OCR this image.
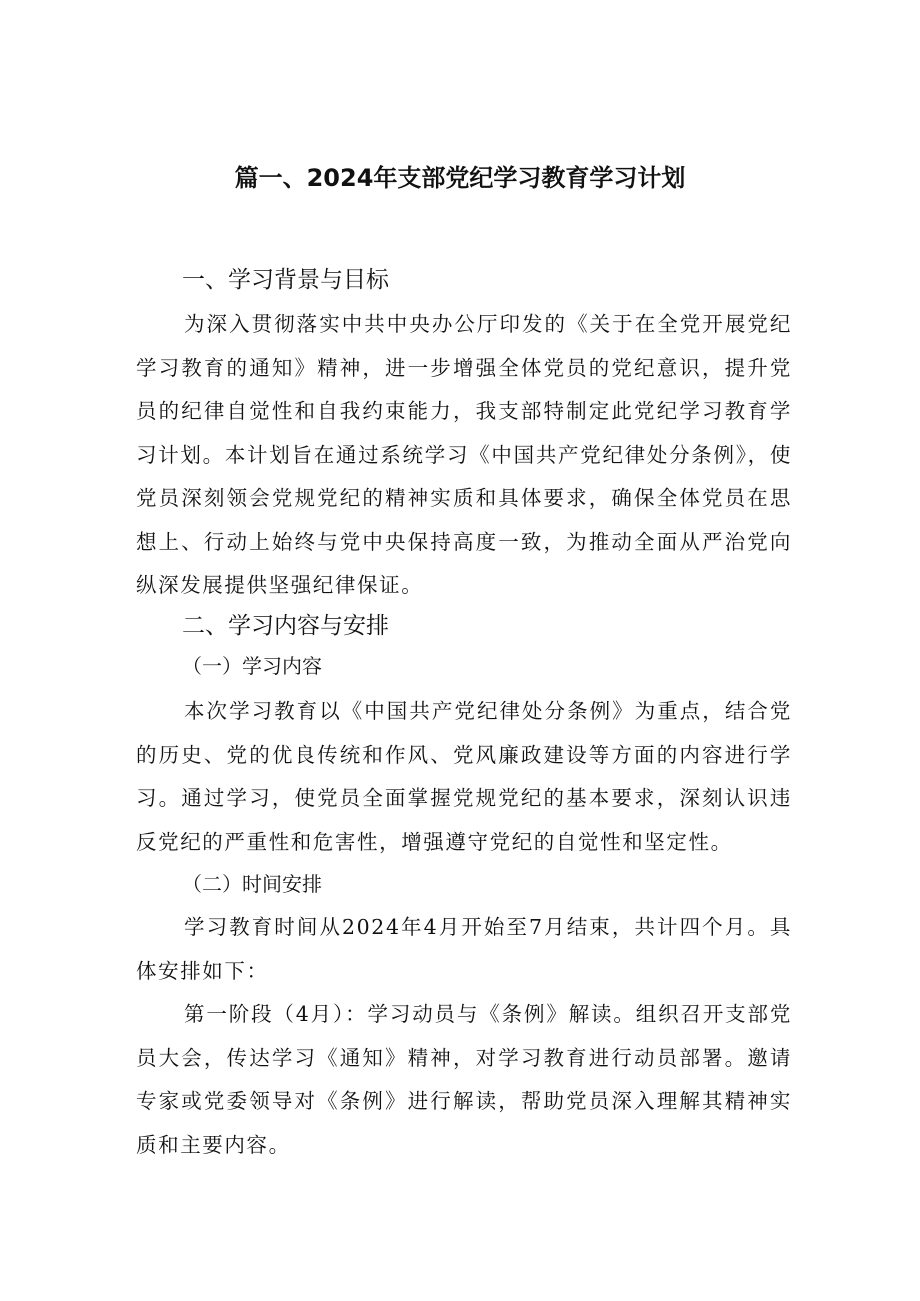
篇一、2024年支部党纪学习教育学习计划
一、学习背景与目标

为深入贯彻落实中共中央办公厅印发的《关于在全党开展党纪学习教育的通知》精神，进一步增强全体党员的党纪意识，提升党员的纪律自觉性和自我约束能力，我支部特制定此党纪学习教育学习计划。本计划旨在通过系统学习《中国共产党纪律处分条例》，使党员深刻领会党规党纪的精神实质和具体要求，确保全体党员在思想上、行动上始终与党中央保持高度一致，为推动全面从严治党向纵深发展提供坚强纪律保证。

二、学习内容与安排
（一）学习内容

本次学习教育以《中国共产党纪律处分条例》为重点，结合党的历史、党的优良传统和作风、党风廉政建设等方面的内容进行学习。通过学习，使党员全面掌握党规党纪的基本要求，深刻认识违反党纪的严重性和危害性，增强遵守党纪的自觉性和坚定性。

（二）时间安排

学习教育时间从2024年4月开始至7月结束，共计四个月。具体安排如下：

第一阶段（4月）：学习动员与《条例》解读。组织召开支部党员大会，传达学习《通知》精神，对学习教育进行动员部署。邀请专家或党委领导对《条例》进行解读，帮助党员深入理解其精神实质和主要内容。
